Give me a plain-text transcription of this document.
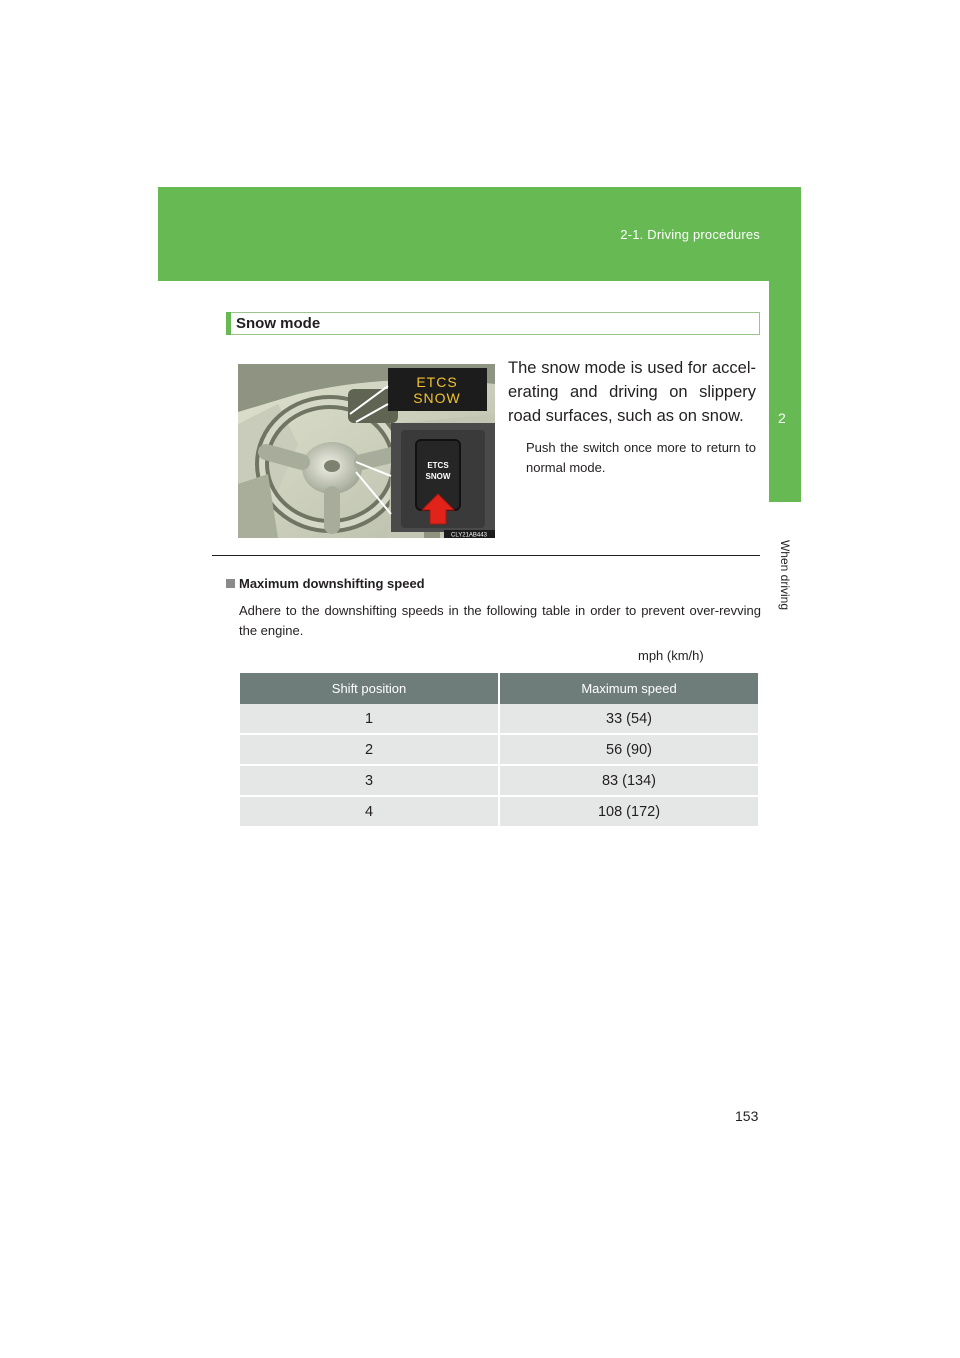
2-1. Driving procedures
2
When driving
Snow mode
ETCS
SNOW
ETCS
SNOW
CLY21AB443
The snow mode is used for accel-erating and driving on slippery road surfaces, such as on snow.
Push the switch once more to return to normal mode.
Maximum downshifting speed
Adhere to the downshifting speeds in the following table in order to prevent over-revving the engine.
mph (km/h)
Shift position	Maximum speed
1	33 (54)
2	56 (90)
3	83 (134)
4	108 (172)
153
